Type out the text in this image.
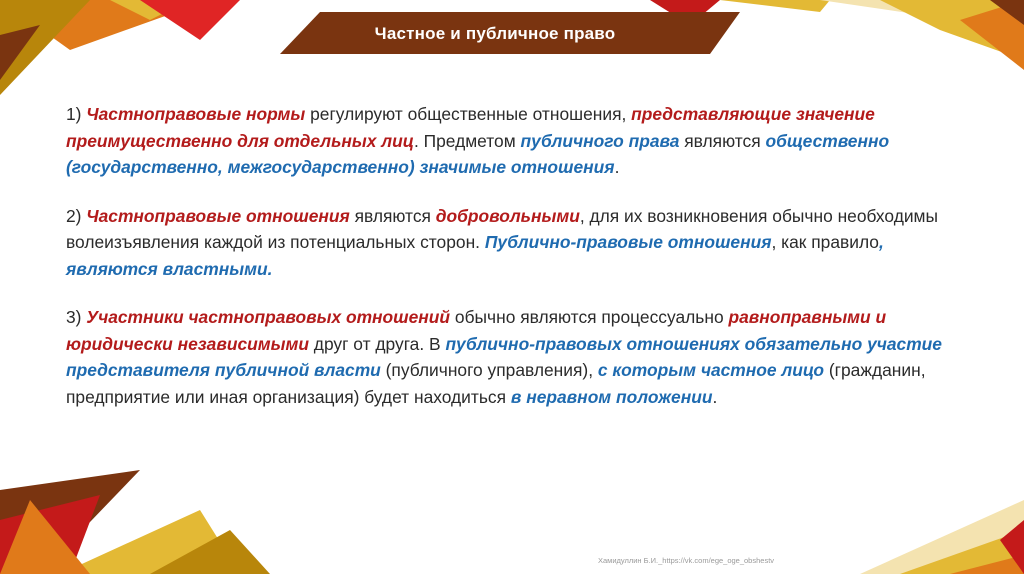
Частное и публичное право

1) Частноправовые нормы регулируют общественные отношения, представляющие значение преимущественно для отдельных лиц. Предметом публичного права являются общественно (государственно, межгосударственно) значимые отношения.

2) Частноправовые отношения являются добровольными, для их возникновения обычно необходимы волеизъявления каждой из потенциальных сторон. Публично-правовые отношения, как правило, являются властными.

3) Участники частноправовых отношений обычно являются процессуально равноправными и юридически независимыми друг от друга. В публично-правовых отношениях обязательно участие представителя публичной власти (публичного управления), с которым частное лицо (гражданин, предприятие или иная организация) будет находиться в неравном положении.

Хамидуллин Б.И._https://vk.com/ege_oge_obshestv
